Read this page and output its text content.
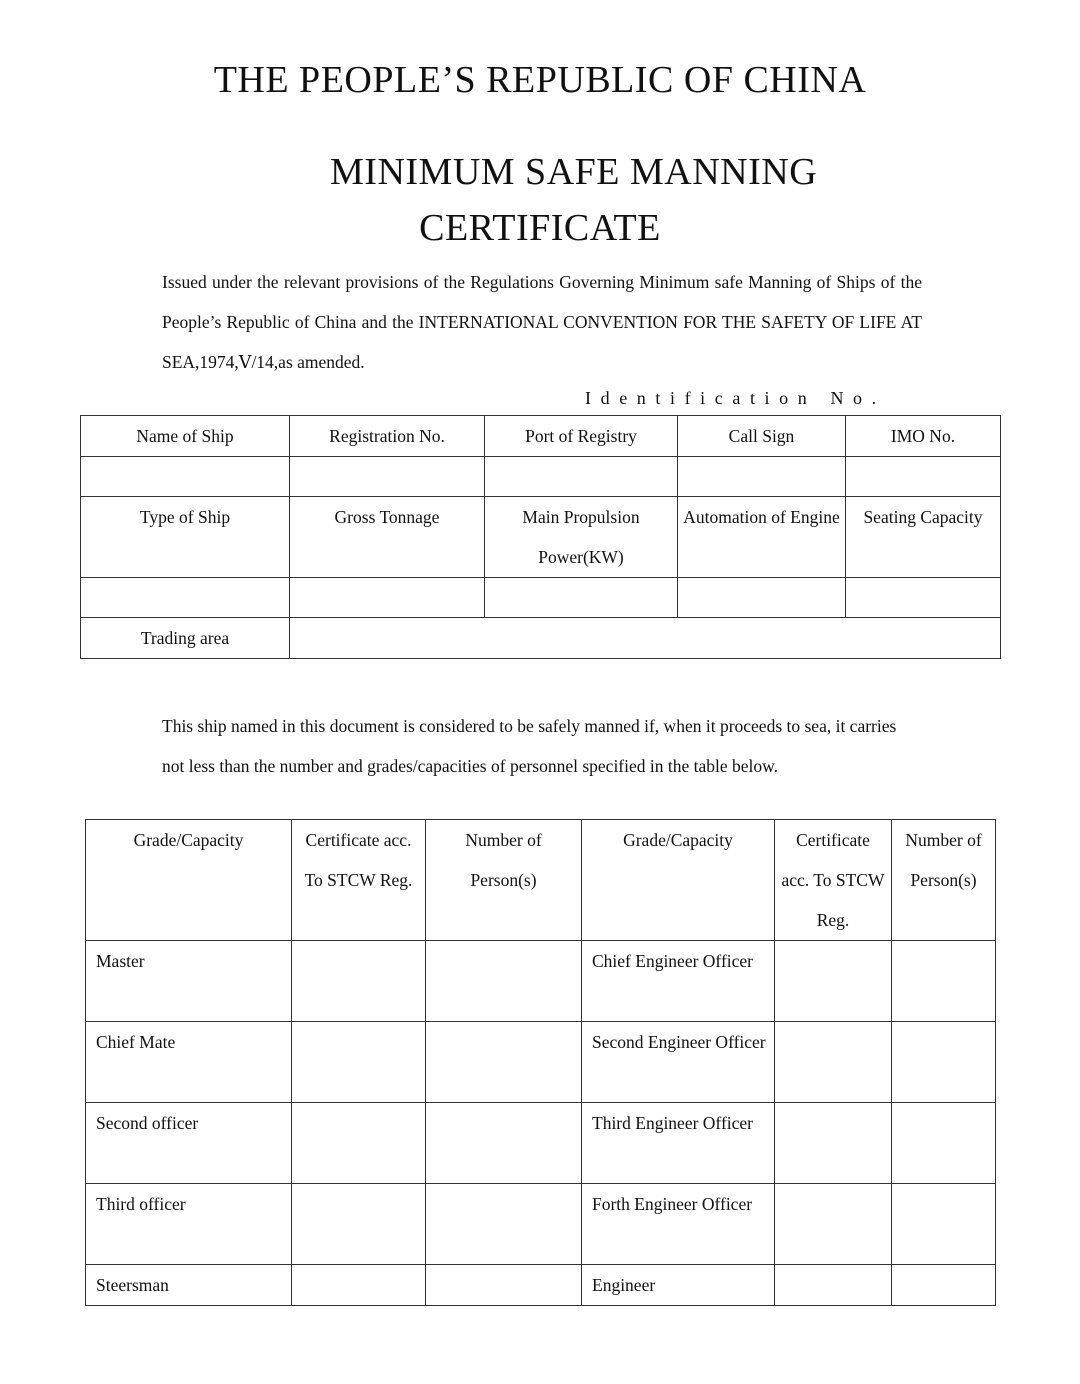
THE PEOPLE’S REPUBLIC OF CHINA
MINIMUM SAFE MANNING
CERTIFICATE
Issued under the relevant provisions of the Regulations Governing Minimum safe Manning of Ships of the People’s Republic of China and the INTERNATIONAL CONVENTION FOR THE SAFETY OF LIFE AT SEA,1974,Ⅴ/14,as amended.
Identification No.
Name of Ship	Registration No.	Port of Registry	Call Sign	IMO No.

Type of Ship	Gross Tonnage	Main Propulsion Power(KW)	Automation of Engine	Seating Capacity

Trading area				
This ship named in this document is considered to be safely manned if, when it proceeds to sea, it carries not less than the number and grades/capacities of personnel specified in the table below.
Grade/Capacity	Certificate acc. To STCW Reg.	Number of Person(s)	Grade/Capacity	Certificate acc. To STCW Reg.	Number of Person(s)
Master			Chief Engineer Officer		
Chief Mate			Second Engineer Officer		
Second officer			Third Engineer Officer		
Third officer			Forth Engineer Officer		
Steersman			Engineer		
